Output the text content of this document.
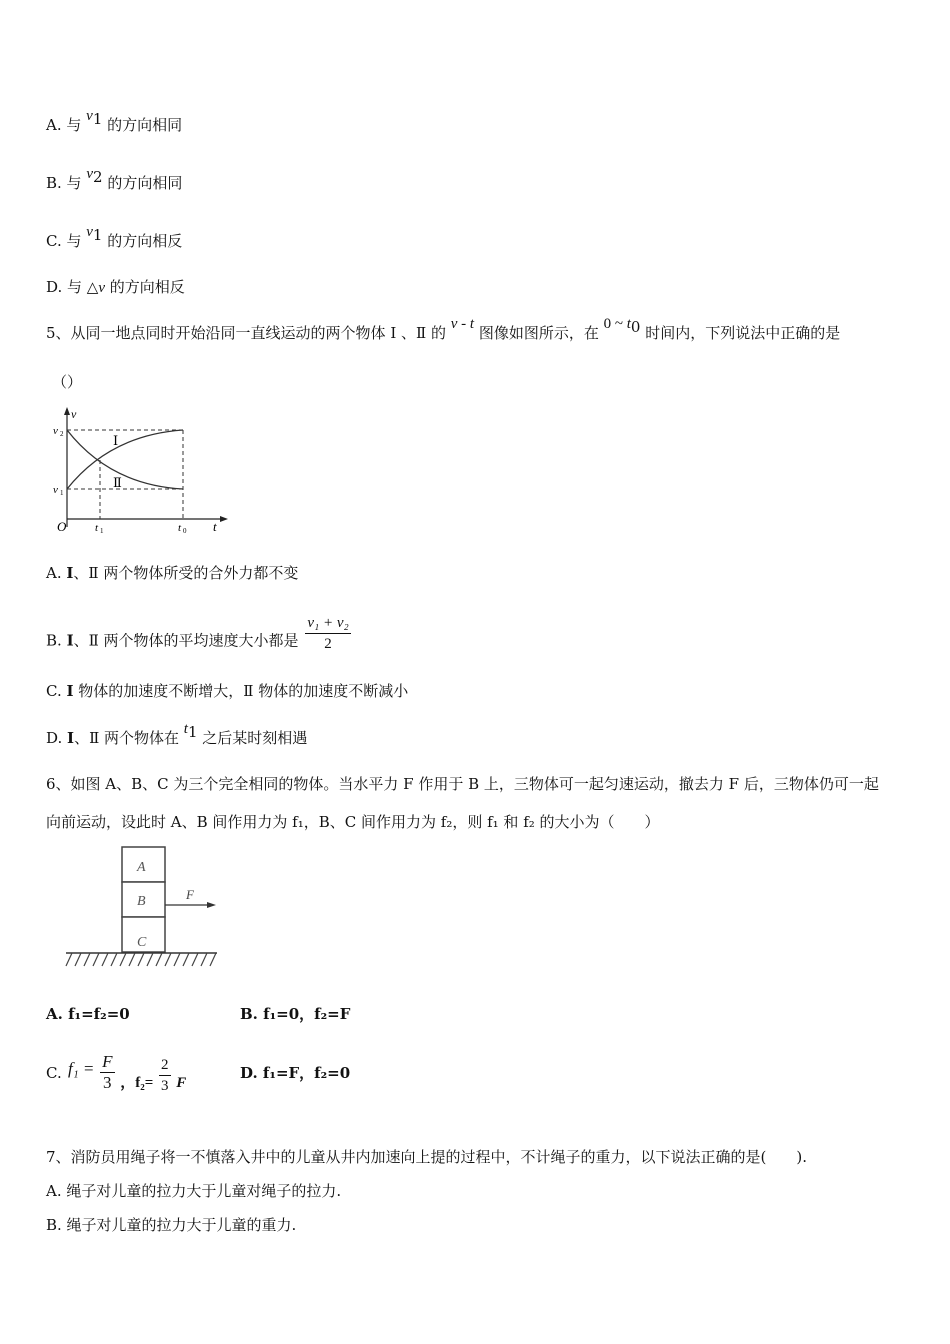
A. 与 $v_1$ 的方向相同
B. 与 $v_2$ 的方向相同
C. 与 $v_1$ 的方向相反
D. 与 △v 的方向相反
5、从同一地点同时开始沿同一直线运动的两个物体 Ⅰ 、Ⅱ 的 v - t 图像如图所示，在 0 ~ $t_0$ 时间内，下列说法中正确的是
（）
v
t
O
v 2
v 1
t 1	t 0
Ⅰ
Ⅱ
A. I、Ⅱ 两个物体所受的合外力都不变
B. I、Ⅱ 两个物体的平均速度大小都是 $\frac{\text{v₁ + v₂}}{2}$
C. I 物体的加速度不断增大，Ⅱ 物体的加速度不断减小
D. I、Ⅱ 两个物体在 $t_1$ 之后某时刻相遇
6、如图 A、B、C 为三个完全相同的物体。当水平力 F 作用于 B 上，三物体可一起匀速运动，撤去力 F 后，三物体仍可一起
向前运动，设此时 A、B 间作用力为 f₁，B、C 间作用力为 f₂，则 f₁ 和 f₂ 的大小为（　　）
A
B
C
F
A. f₁=f₂=0	B. f₁=0，f₂=F
C. $f_1 = \frac{F}{3}$ ，$f_2= \frac{2}{3}$ F
D. f₁=F，f₂=0
7、消防员用绳子将一不慎落入井中的儿童从井内加速向上提的过程中，不计绳子的重力，以下说法正确的是(　　).
A. 绳子对儿童的拉力大于儿童对绳子的拉力.
B. 绳子对儿童的拉力大于儿童的重力.
